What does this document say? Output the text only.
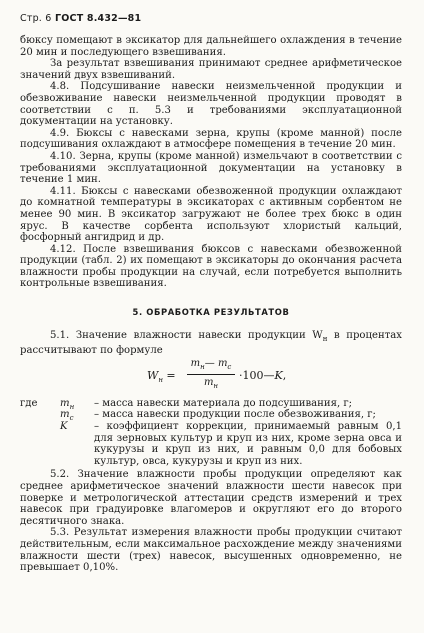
Стр. 6 ГОСТ 8.432—81

бюксу помещают в эксикатор для дальнейшего охлаждения в течение 20 мин и последующего взвешивания.

За результат взвешивания принимают среднее арифметическое значений двух взвешиваний.

4.8. Подсушивание навески неизмельченной продукции и обезвоживание навески неизмельченной продукции проводят в соответствии с п. 5.3 и требованиями эксплуатационной документации на установку.

4.9. Бюксы с навесками зерна, крупы (кроме манной) после подсушивания охлаждают в атмосфере помещения в течение 20 мин.

4.10. Зерна, крупы (кроме манной) измельчают в соответствии с требованиями эксплуатационной документации на установку в течение 1 мин.

4.11. Бюксы с навесками обезвоженной продукции охлаждают до комнатной температуры в эксикаторах с активным сорбентом не менее 90 мин. В эксикатор загружают не более трех бюкс в один ярус. В качестве сорбента используют хлористый кальций, фосфорный ангидрид и др.

4.12. После взвешивания бюксов с навесками обезвоженной продукции (табл. 2) их помещают в эксикаторы до окончания расчета влажности пробы продукции на случай, если потребуется выполнить контрольные взвешивания.

5. ОБРАБОТКА РЕЗУЛЬТАТОВ

5.1. Значение влажности навески продукции $W_н$ в процентах рассчитывают по формуле

$W_н$ =
$m_н—$ $m_c$
$m_н$
·100—K,
где $m_н$ – масса навески материала до подсушивания, г;
$m_c$ – масса навески продукции после обезвоживания, г;
K	– коэффициент коррекции, принимаемый равным 0,1 для зерновых культур и круп из них, кроме зерна овса и кукурузы и круп из них, и равным 0,0 для бобовых культур, овса, кукурузы и круп из них.

5.2. Значение влажности пробы продукции определяют как среднее арифметическое значений влажности шести навесок при поверке и метрологической аттестации средств измерений и трех навесок при градуировке влагомеров и округляют его до второго десятичного знака.

5.3. Результат измерения влажности пробы продукции считают действительным, если максимальное расхождение между значениями влажности шести (трех) навесок, высушенных одновременно, не превышает 0,10%.
